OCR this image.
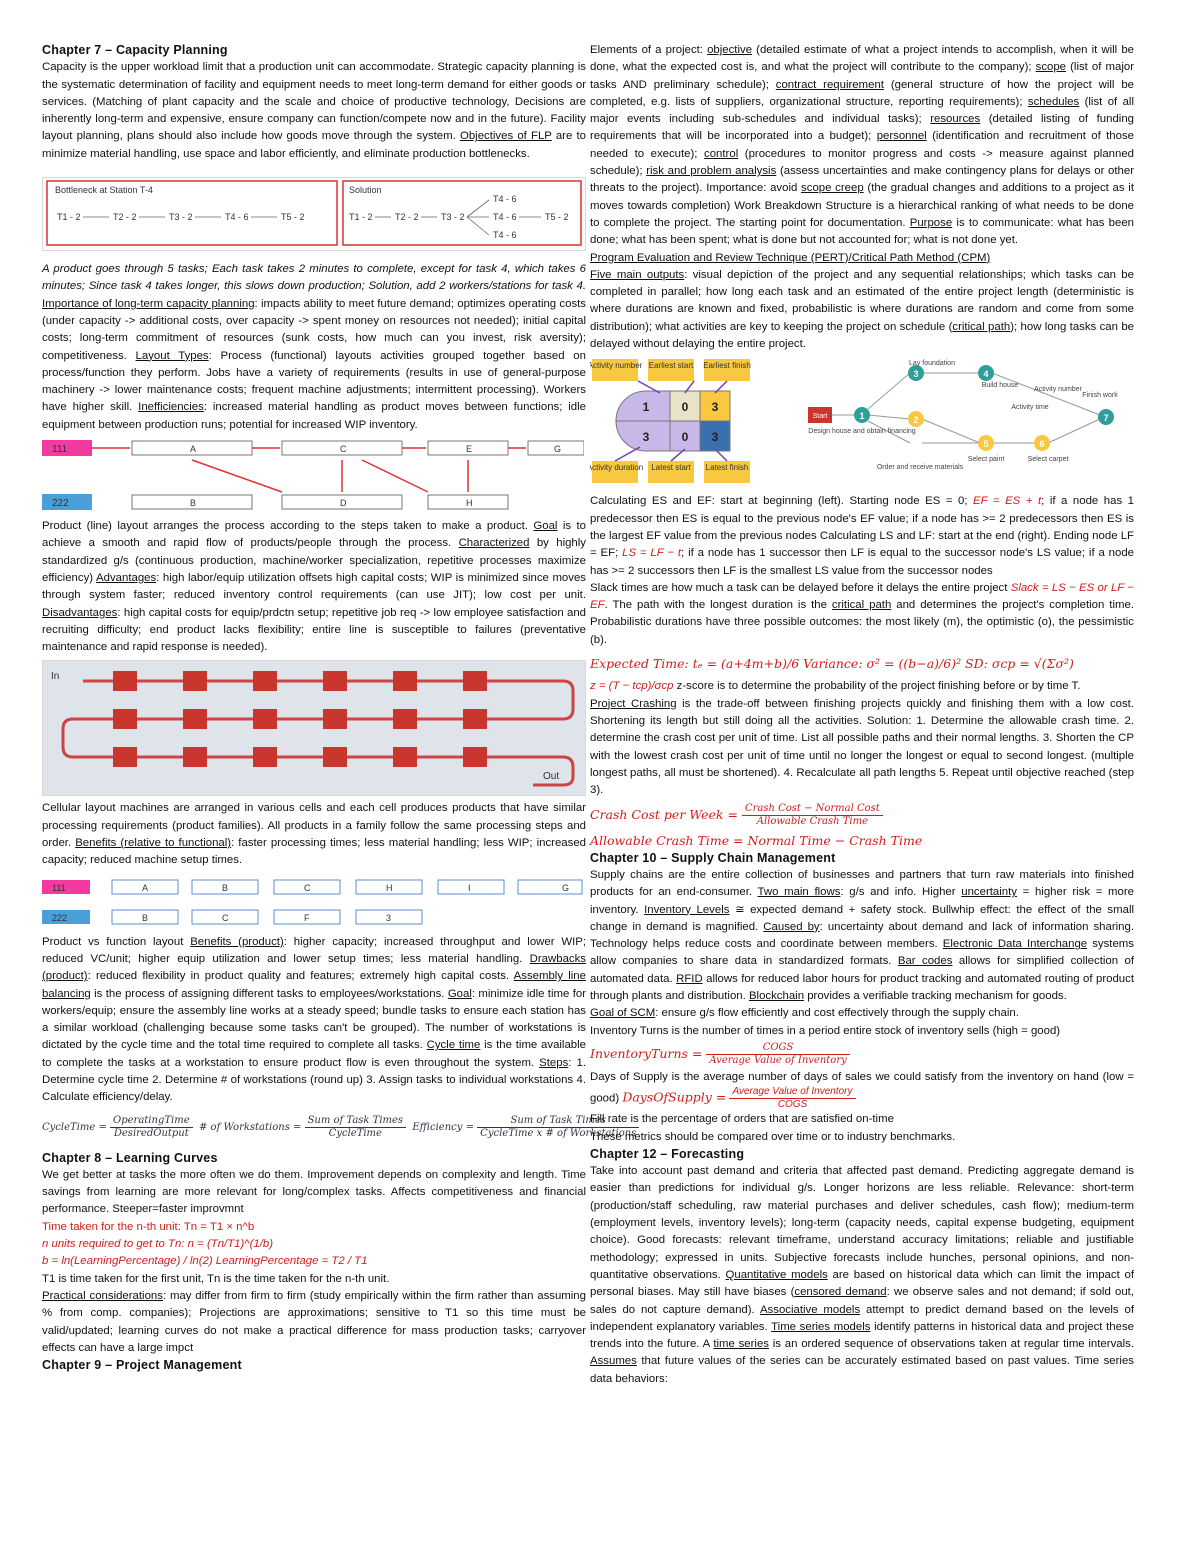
Chapter 7 – Capacity Planning

Capacity is the upper workload limit that a production unit can accommodate. Strategic capacity planning is the systematic determination of facility and equipment needs to meet long-term demand for either goods or services. (Matching of plant capacity and the scale and choice of productive technology, Decisions are inherently long-term and expensive, ensure company can function/compete now and in the future). Facility layout planning, plans should also include how goods move through the system. Objectives of FLP are to minimize material handling, use space and labor efficiently, and eliminate production bottlenecks.

Bottleneck at Station T-4	Solution
T1 - 2	T2 - 2	T3 - 2	T4 - 6	T5 - 2	T1 - 2 T2 - 2 T3 - 2
T4 - 6
T4 - 6
T4 - 6
T5 - 2

A product goes through 5 tasks; Each task takes 2 minutes to complete, except for task 4, which takes 6 minutes; Since task 4 takes longer, this slows down production; Solution, add 2 workers/stations for task 4. Importance of long-term capacity planning: impacts ability to meet future demand; optimizes operating costs (under capacity -> additional costs, over capacity -> spent money on resources not needed); initial capital costs; long-term commitment of resources (sunk costs, how much can you invest, risk aversity); competitiveness. Layout Types: Process (functional) layouts activities grouped together based on process/function they perform. Jobs have a variety of requirements (results in use of general-purpose machinery -> lower maintenance costs; frequent machine adjustments; intermittent processing). Workers have higher skill. Inefficiencies: increased material handling as product moves between functions; idle equipment between production runs; potential for increased WIP inventory.

111
222
A	C	E	G
B	D	H

Product (line) layout arranges the process according to the steps taken to make a product. Goal is to achieve a smooth and rapid flow of products/people through the process. Characterized by highly standardized g/s (continuous production, machine/worker specialization, repetitive processes maximize efficiency) Advantages: high labor/equip utilization offsets high capital costs; WIP is minimized since moves through system faster; reduced inventory control requirements (can use JIT); low cost per unit. Disadvantages: high capital costs for equip/prdctn setup; repetitive job req -> low employee satisfaction and recruiting difficulty; end product lacks flexibility; entire line is susceptible to failures (preventative maintenance and rapid response is needed).

In
Out

Cellular layout machines are arranged in various cells and each cell produces products that have similar processing requirements (product families). All products in a family follow the same processing steps and order. Benefits (relative to functional): faster processing times; less material handling; less WIP; increased capacity; reduced machine setup times.

111
222
A	B	C	H	I	G
B	C	F	3

Product vs function layout Benefits (product): higher capacity; increased throughput and lower WIP; reduced VC/unit; higher equip utilization and lower setup times; less material handling. Drawbacks (product): reduced flexibility in product quality and features; extremely high capital costs. Assembly line balancing is the process of assigning different tasks to employees/workstations. Goal: minimize idle time for workers/equip; ensure the assembly line works at a steady speed; bundle tasks to ensure each station has a similar workload (challenging because some tasks can't be grouped). The number of workstations is dictated by the cycle time and the total time required to complete all tasks. Cycle time is the time available to complete the tasks at a workstation to ensure product flow is even throughout the system. Steps: 1. Determine cycle time 2. Determine # of workstations (round up) 3. Assign tasks to individual workstations 4. Calculate efficiency/delay.

CycleTime = $\frac{\text{OperatingTime}}{\text{DesiredOutput}}$ # of Workstations = $\frac{\text{Sum of Task Times}}{\text{CycleTime}}$ Efficiency = $\frac{\text{Sum of Task Times}}{\text{CycleTime x \# of Workstations}}$

Chapter 8 – Learning Curves

We get better at tasks the more often we do them. Improvement depends on complexity and length. Time savings from learning are more relevant for long/complex tasks. Affects competitiveness and financial performance. Steeper=faster improvmnt

Time taken for the n-th unit: Tn = T1 × n^b

n units required to get to Tn: n = (Tn/T1)^(1/b)

b = ln(LearningPercentage) / ln(2) LearningPercentage = T2 / T1

T1 is time taken for the first unit, Tn is the time taken for the n-th unit.

Practical considerations: may differ from firm to firm (study empirically within the firm rather than assuming % from comp. companies); Projections are approximations; sensitive to T1 so this time must be valid/updated; learning curves do not make a practical difference for mass production tasks; carryover effects can have a large impct

Chapter 9 – Project Management

Elements of a project: objective (detailed estimate of what a project intends to accomplish, when it will be done, what the expected cost is, and what the project will contribute to the company); scope (list of major tasks AND preliminary schedule); contract requirement (general structure of how the project will be completed, e.g. lists of suppliers, organizational structure, reporting requirements); schedules (list of all major events including sub-schedules and individual tasks); resources (detailed listing of funding requirements that will be incorporated into a budget); personnel (identification and recruitment of those needed to execute); control (procedures to monitor progress and costs -> measure against planned schedule); risk and problem analysis (assess uncertainties and make contingency plans for delays or other threats to the project). Importance: avoid scope creep (the gradual changes and additions to a project as it moves towards completion) Work Breakdown Structure is a hierarchical ranking of what needs to be done to complete the project. The starting point for documentation. Purpose is to communicate: what has been done; what has been spent; what is done but not accounted for; what is not done yet.

Program Evaluation and Review Technique (PERT)/Critical Path Method (CPM)

Five main outputs: visual depiction of the project and any sequential relationships; which tasks can be completed in parallel; how long each task and an estimated of the entire project length (deterministic is where durations are known and fixed, probabilistic is where durations are random and come from some distribution); what activities are key to keeping the project on schedule (critical path); how long tasks can be delayed without delaying the entire project.

Activity number Earliest start Earliest finish
Activity duration Latest start Latest finish
1	0 3
3	0 3
Start	1
3
2
4
5	6
7
Lay foundation
Build house
Activity number
Activity time
Finish work
Design house and obtain financing
Select paint	Select carpet
Order and receive materials

Calculating ES and EF: start at beginning (left). Starting node ES = 0; EF = ES + t; if a node has 1 predecessor then ES is equal to the previous node's EF value; if a node has >= 2 predecessors then ES is the largest EF value from the previous nodes Calculating LS and LF: start at the end (right). Ending node LF = EF; LS = LF − t; if a node has 1 successor then LF is equal to the successor node's LS value; if a node has >= 2 successors then LF is the smallest LS value from the successor nodes

Slack times are how much a task can be delayed before it delays the entire project Slack = LS − ES or LF − EF. The path with the longest duration is the critical path and determines the project's completion time. Probabilistic durations have three possible outcomes: the most likely (m), the optimistic (o), the pessimistic (b).

Expected Time: tₑ = (a+4m+b)/6 Variance: σ² = ((b−a)/6)² SD: σcp = √(Σσ²)

z = (T − tcp)/σcp z-score is to determine the probability of the project finishing before or by time T.

Project Crashing is the trade-off between finishing projects quickly and finishing them with a low cost. Shortening its length but still doing all the activities. Solution: 1. Determine the allowable crash time. 2. determine the crash cost per unit of time. List all possible paths and their normal lengths. 3. Shorten the CP with the lowest crash cost per unit of time until no longer the longest or equal to second longest. (multiple longest paths, all must be shortened). 4. Recalculate all path lengths 5. Repeat until objective reached (step 3).

Crash Cost per Week = $\frac{\text{Crash Cost − Normal Cost}}{\text{Allowable Crash Time}}$

Allowable Crash Time = Normal Time − Crash Time

Chapter 10 – Supply Chain Management

Supply chains are the entire collection of businesses and partners that turn raw materials into finished products for an end-consumer. Two main flows: g/s and info. Higher uncertainty = higher risk = more inventory. Inventory Levels ≅ expected demand + safety stock. Bullwhip effect: the effect of the small change in demand is magnified. Caused by: uncertainty about demand and lack of information sharing. Technology helps reduce costs and coordinate between members. Electronic Data Interchange systems allow companies to share data in standardized formats. Bar codes allows for simplified collection of automated data. RFID allows for reduced labor hours for product tracking and automated routing of product through plants and distribution. Blockchain provides a verifiable tracking mechanism for goods.

Goal of SCM: ensure g/s flow efficiently and cost effectively through the supply chain.

Inventory Turns is the number of times in a period entire stock of inventory sells (high = good)

InventoryTurns = $\frac{\text{COGS}}{\text{Average Value of Inventory}}$

Days of Supply is the average number of days of sales we could satisfy from the inventory on hand (low = good) DaysOfSupply = $\frac{\text{Average Value of Inventory}}{\text{COGS}}$

Fill rate is the percentage of orders that are satisfied on-time

These metrics should be compared over time or to industry benchmarks.

Chapter 12 – Forecasting

Take into account past demand and criteria that affected past demand. Predicting aggregate demand is easier than predictions for individual g/s. Longer horizons are less reliable. Relevance: short-term (production/staff scheduling, raw material purchases and deliver schedules, cash flow); medium-term (employment levels, inventory levels); long-term (capacity needs, capital expense budgeting, equipment choice). Good forecasts: relevant timeframe, understand accuracy limitations; reliable and justifiable methodology; expressed in units. Subjective forecasts include hunches, personal opinions, and non-quantitative observations. Quantitative models are based on historical data which can limit the impact of personal biases. May still have biases (censored demand: we observe sales and not demand; if sold out, sales do not capture demand). Associative models attempt to predict demand based on the levels of independent explanatory variables. Time series models identify patterns in historical data and project these trends into the future. A time series is an ordered sequence of observations taken at regular time intervals. Assumes that future values of the series can be accurately estimated based on past values. Time series data behaviors:
